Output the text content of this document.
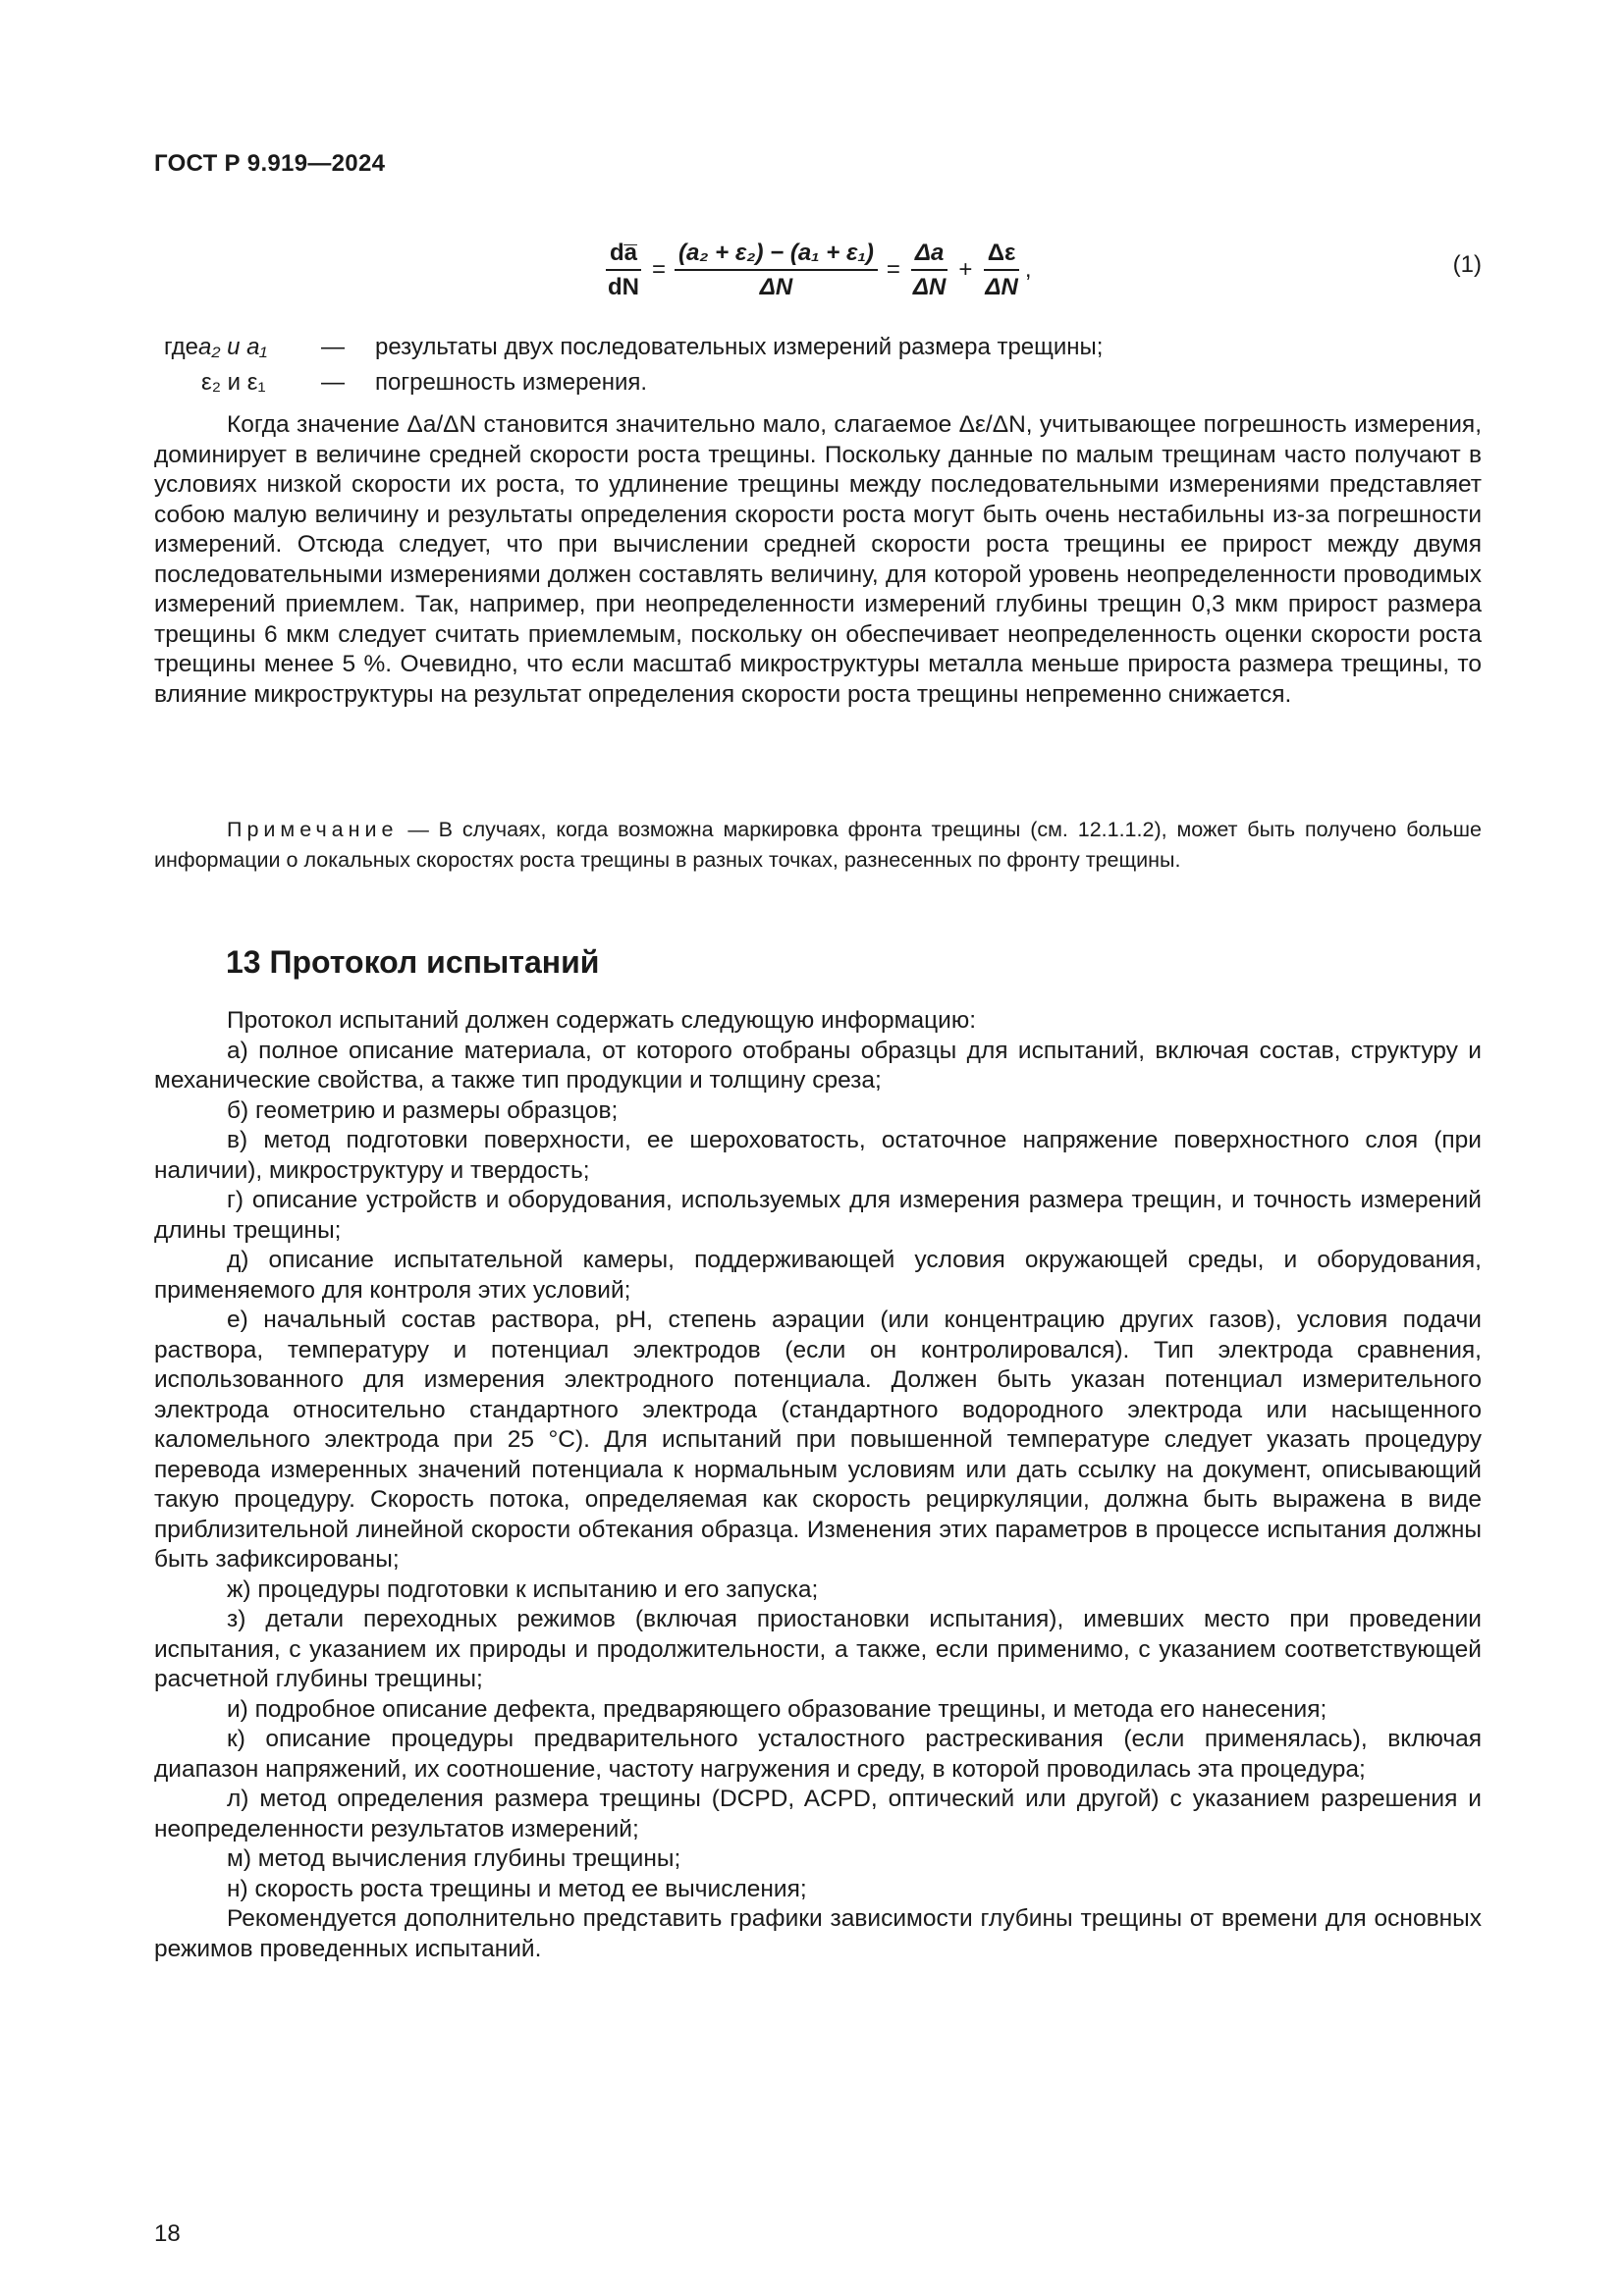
ГОСТ Р 9.919—2024
$\frac{da̅}{dN} = \frac{\text{(a₂ + ε₂) − (a₁ + ε₁)}}{\Delta N} = \frac{\Delta a}{\Delta N} + \frac{\Delta\varepsilon}{\Delta N}$ ,	(1)
где a₂ и a₁	— результаты двух последовательных измерений размера трещины;
ε₂ и ε₁	— погрешность измерения.

Когда значение Δa/ΔN становится значительно мало, слагаемое Δε/ΔN, учитывающее погрешность измерения, доминирует в величине средней скорости роста трещины. Поскольку данные по малым трещинам часто получают в условиях низкой скорости их роста, то удлинение трещины между последовательными измерениями представляет собою малую величину и результаты определения скорости роста могут быть очень нестабильны из-за погрешности измерений. Отсюда следует, что при вычислении средней скорости роста трещины ее прирост между двумя последовательными измерениями должен составлять величину, для которой уровень неопределенности проводимых измерений приемлем. Так, например, при неопределенности измерений глубины трещин 0,3 мкм прирост размера трещины 6 мкм следует считать приемлемым, поскольку он обеспечивает неопределенность оценки скорости роста трещины менее 5 %. Очевидно, что если масштаб микроструктуры металла меньше прироста размера трещины, то влияние микроструктуры на результат определения скорости роста трещины непременно снижается.

Примечание — В случаях, когда возможна маркировка фронта трещины (см. 12.1.1.2), может быть получено больше информации о локальных скоростях роста трещины в разных точках, разнесенных по фронту трещины.

13 Протокол испытаний

Протокол испытаний должен содержать следующую информацию:

а) полное описание материала, от которого отобраны образцы для испытаний, включая состав, структуру и механические свойства, а также тип продукции и толщину среза;

б) геометрию и размеры образцов;

в) метод подготовки поверхности, ее шероховатость, остаточное напряжение поверхностного слоя (при наличии), микроструктуру и твердость;

г) описание устройств и оборудования, используемых для измерения размера трещин, и точность измерений длины трещины;

д) описание испытательной камеры, поддерживающей условия окружающей среды, и оборудования, применяемого для контроля этих условий;

е) начальный состав раствора, pH, степень аэрации (или концентрацию других газов), условия подачи раствора, температуру и потенциал электродов (если он контролировался). Тип электрода сравнения, использованного для измерения электродного потенциала. Должен быть указан потенциал измерительного электрода относительно стандартного электрода (стандартного водородного электрода или насыщенного каломельного электрода при 25 °C). Для испытаний при повышенной температуре следует указать процедуру перевода измеренных значений потенциала к нормальным условиям или дать ссылку на документ, описывающий такую процедуру. Скорость потока, определяемая как скорость рециркуляции, должна быть выражена в виде приблизительной линейной скорости обтекания образца. Изменения этих параметров в процессе испытания должны быть зафиксированы;

ж) процедуры подготовки к испытанию и его запуска;

з) детали переходных режимов (включая приостановки испытания), имевших место при проведении испытания, с указанием их природы и продолжительности, а также, если применимо, с указанием соответствующей расчетной глубины трещины;

и) подробное описание дефекта, предваряющего образование трещины, и метода его нанесения;

к) описание процедуры предварительного усталостного растрескивания (если применялась), включая диапазон напряжений, их соотношение, частоту нагружения и среду, в которой проводилась эта процедура;

л) метод определения размера трещины (DCPD, ACPD, оптический или другой) с указанием разрешения и неопределенности результатов измерений;

м) метод вычисления глубины трещины;

н) скорость роста трещины и метод ее вычисления;

Рекомендуется дополнительно представить графики зависимости глубины трещины от времени для основных режимов проведенных испытаний.

18
